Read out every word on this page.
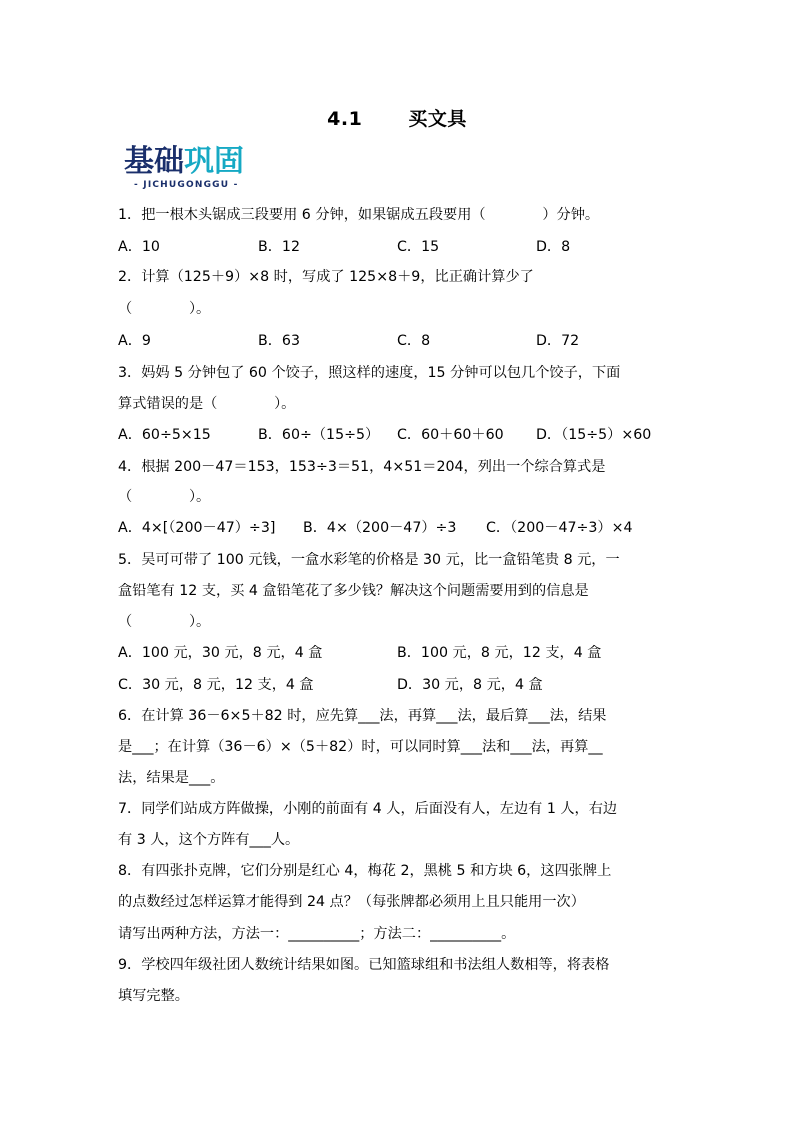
4.1 买文具
基础巩固
- JICHUGONGGU -
1．把一根木头锯成三段要用 6 分钟，如果锯成五段要用（　　　　）分钟。
A．10	B．12	C．15	D．8
2．计算（125＋9）×8 时，写成了 125×8＋9，比正确计算少了
（　　　　）。
A．9	B．63	C．8	D．72
3．妈妈 5 分钟包了 60 个饺子，照这样的速度，15 分钟可以包几个饺子，下面
算式错误的是（　　　　）。
A．60÷5×15	B．60÷（15÷5） C．60＋60＋60 D．（15÷5）×60
4．根据 200－47＝153，153÷3＝51，4×51＝204，列出一个综合算式是
（　　　　）。
A．4×[（200－47）÷3] B．4×（200－47）÷3 C．（200－47÷3）×4
5．吴可可带了 100 元钱，一盒水彩笔的价格是 30 元，比一盒铅笔贵 8 元，一
盒铅笔有 12 支，买 4 盒铅笔花了多少钱？解决这个问题需要用到的信息是
（　　　　）。
A．100 元，30 元，8 元，4 盒	B．100 元，8 元，12 支，4 盒
C．30 元，8 元，12 支，4 盒	D．30 元，8 元，4 盒
6．在计算 36－6×5＋82 时，应先算___法，再算___法，最后算___法，结果
是___；在计算（36－6）×（5＋82）时，可以同时算___法和___法，再算__
法，结果是___。
7．同学们站成方阵做操，小刚的前面有 4 人，后面没有人，左边有 1 人，右边
有 3 人，这个方阵有___人。
8．有四张扑克牌，它们分别是红心 4，梅花 2，黑桃 5 和方块 6，这四张牌上
的点数经过怎样运算才能得到 24 点？（每张牌都必须用上且只能用一次）
请写出两种方法，方法一：__________；方法二：__________。
9．学校四年级社团人数统计结果如图。已知篮球组和书法组人数相等，将表格
填写完整。
